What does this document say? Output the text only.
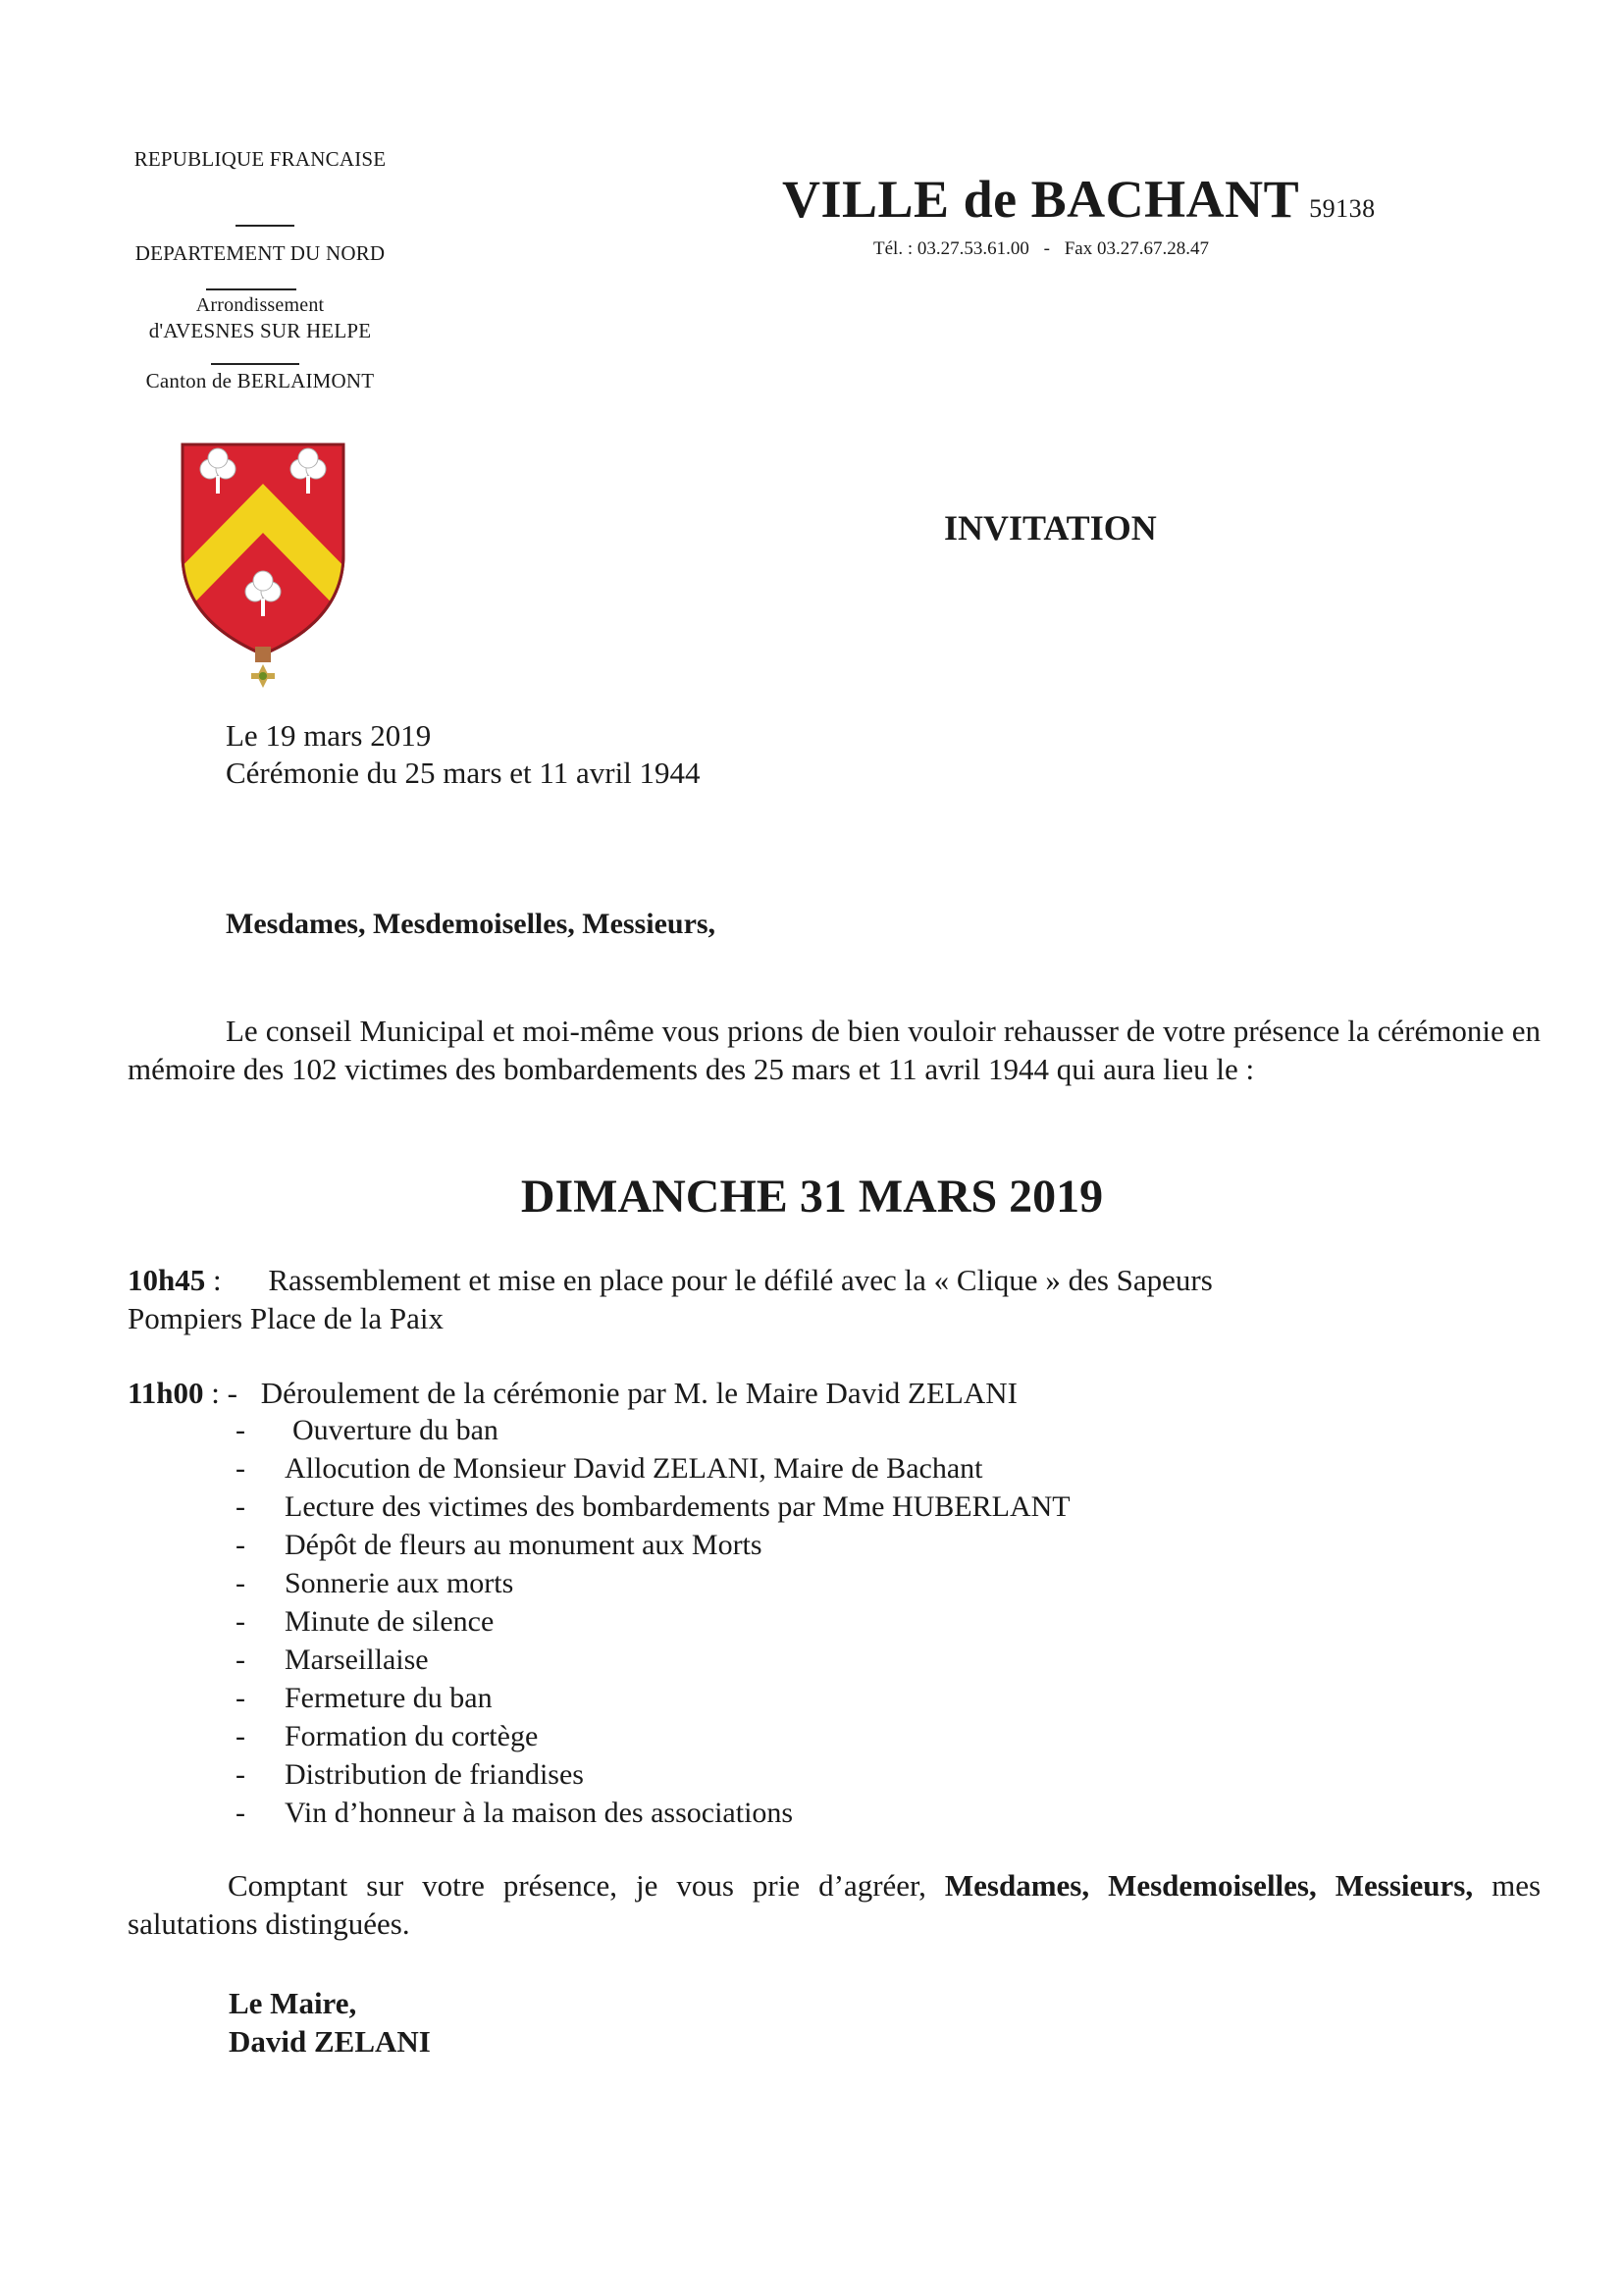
REPUBLIQUE FRANCAISE
DEPARTEMENT DU NORD
Arrondissement
d'AVESNES SUR HELPE
Canton de BERLAIMONT
VILLE de BACHANT 59138
Tél. : 03.27.53.61.00 - Fax 03.27.67.28.47
INVITATION
Le 19 mars 2019
Cérémonie du 25 mars et 11 avril 1944
Mesdames, Mesdemoiselles, Messieurs,
Le conseil Municipal et moi-même vous prions de bien vouloir rehausser de votre présence la cérémonie en mémoire des 102 victimes des bombardements des 25 mars et 11 avril 1944 qui aura lieu le :
DIMANCHE 31 MARS 2019
10h45 : Rassemblement et mise en place pour le défilé avec la « Clique » des Sapeurs
Pompiers Place de la Paix
11h00 : - Déroulement de la cérémonie par M. le Maire David ZELANI
- Ouverture du ban
- Allocution de Monsieur David ZELANI, Maire de Bachant
- Lecture des victimes des bombardements par Mme HUBERLANT
- Dépôt de fleurs au monument aux Morts
- Sonnerie aux morts
- Minute de silence
- Marseillaise
- Fermeture du ban
- Formation du cortège
- Distribution de friandises
- Vin d’honneur à la maison des associations
Comptant sur votre présence, je vous prie d’agréer, Mesdames, Mesdemoiselles, Messieurs, mes salutations distinguées.
Le Maire,
David ZELANI
